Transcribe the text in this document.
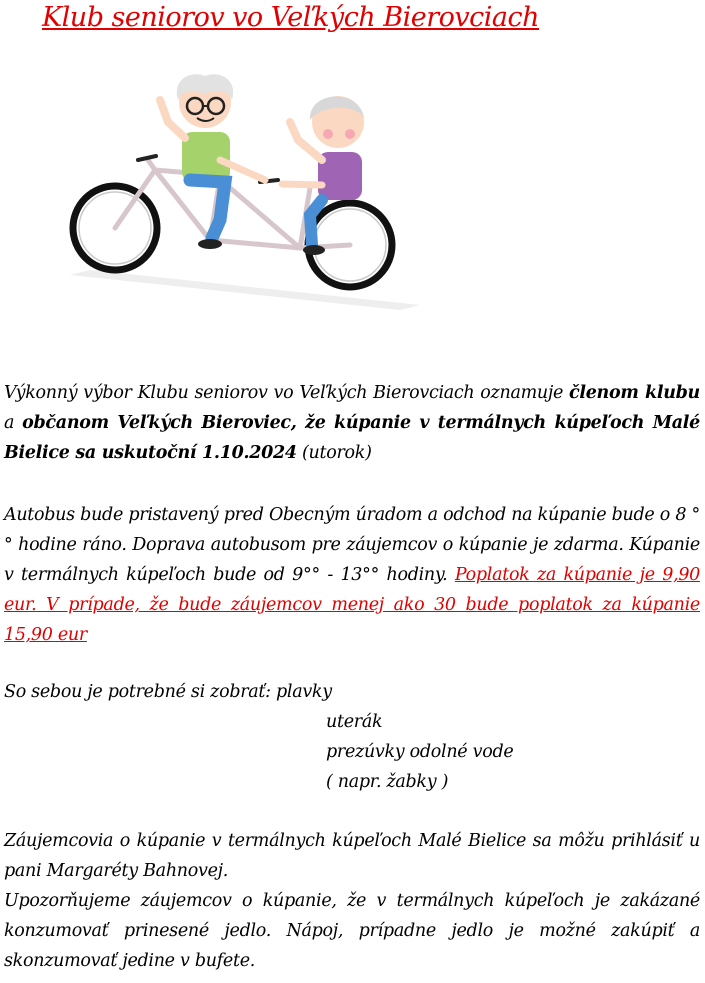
Klub seniorov vo Veľkých Bierovciach
Výkonný výbor Klubu seniorov vo Veľkých Bierovciach oznamuje členom klubu a občanom Veľkých Bieroviec, že kúpanie v termálnych kúpeľoch Malé Bielice sa uskutoční 1.10.2024 (utorok)
Autobus bude pristavený pred Obecným úradom a odchod na kúpanie bude o 8 °° hodine ráno. Doprava autobusom pre záujemcov o kúpanie je zdarma. Kúpanie v termálnych kúpeľoch bude od 9°° - 13°° hodiny. Poplatok za kúpanie je 9,90 eur. V prípade, že bude záujemcov menej ako 30 bude poplatok za kúpanie 15,90 eur
So sebou je potrebné si zobrať: plavky
uterák
prezúvky odolné vode
( napr. žabky )
Záujemcovia o kúpanie v termálnych kúpeľoch Malé Bielice sa môžu prihlásiť u pani Margaréty Bahnovej.
Upozorňujeme záujemcov o kúpanie, že v termálnych kúpeľoch je zakázané konzumovať prinesené jedlo. Nápoj, prípadne jedlo je možné zakúpiť a skonzumovať jedine v bufete.
